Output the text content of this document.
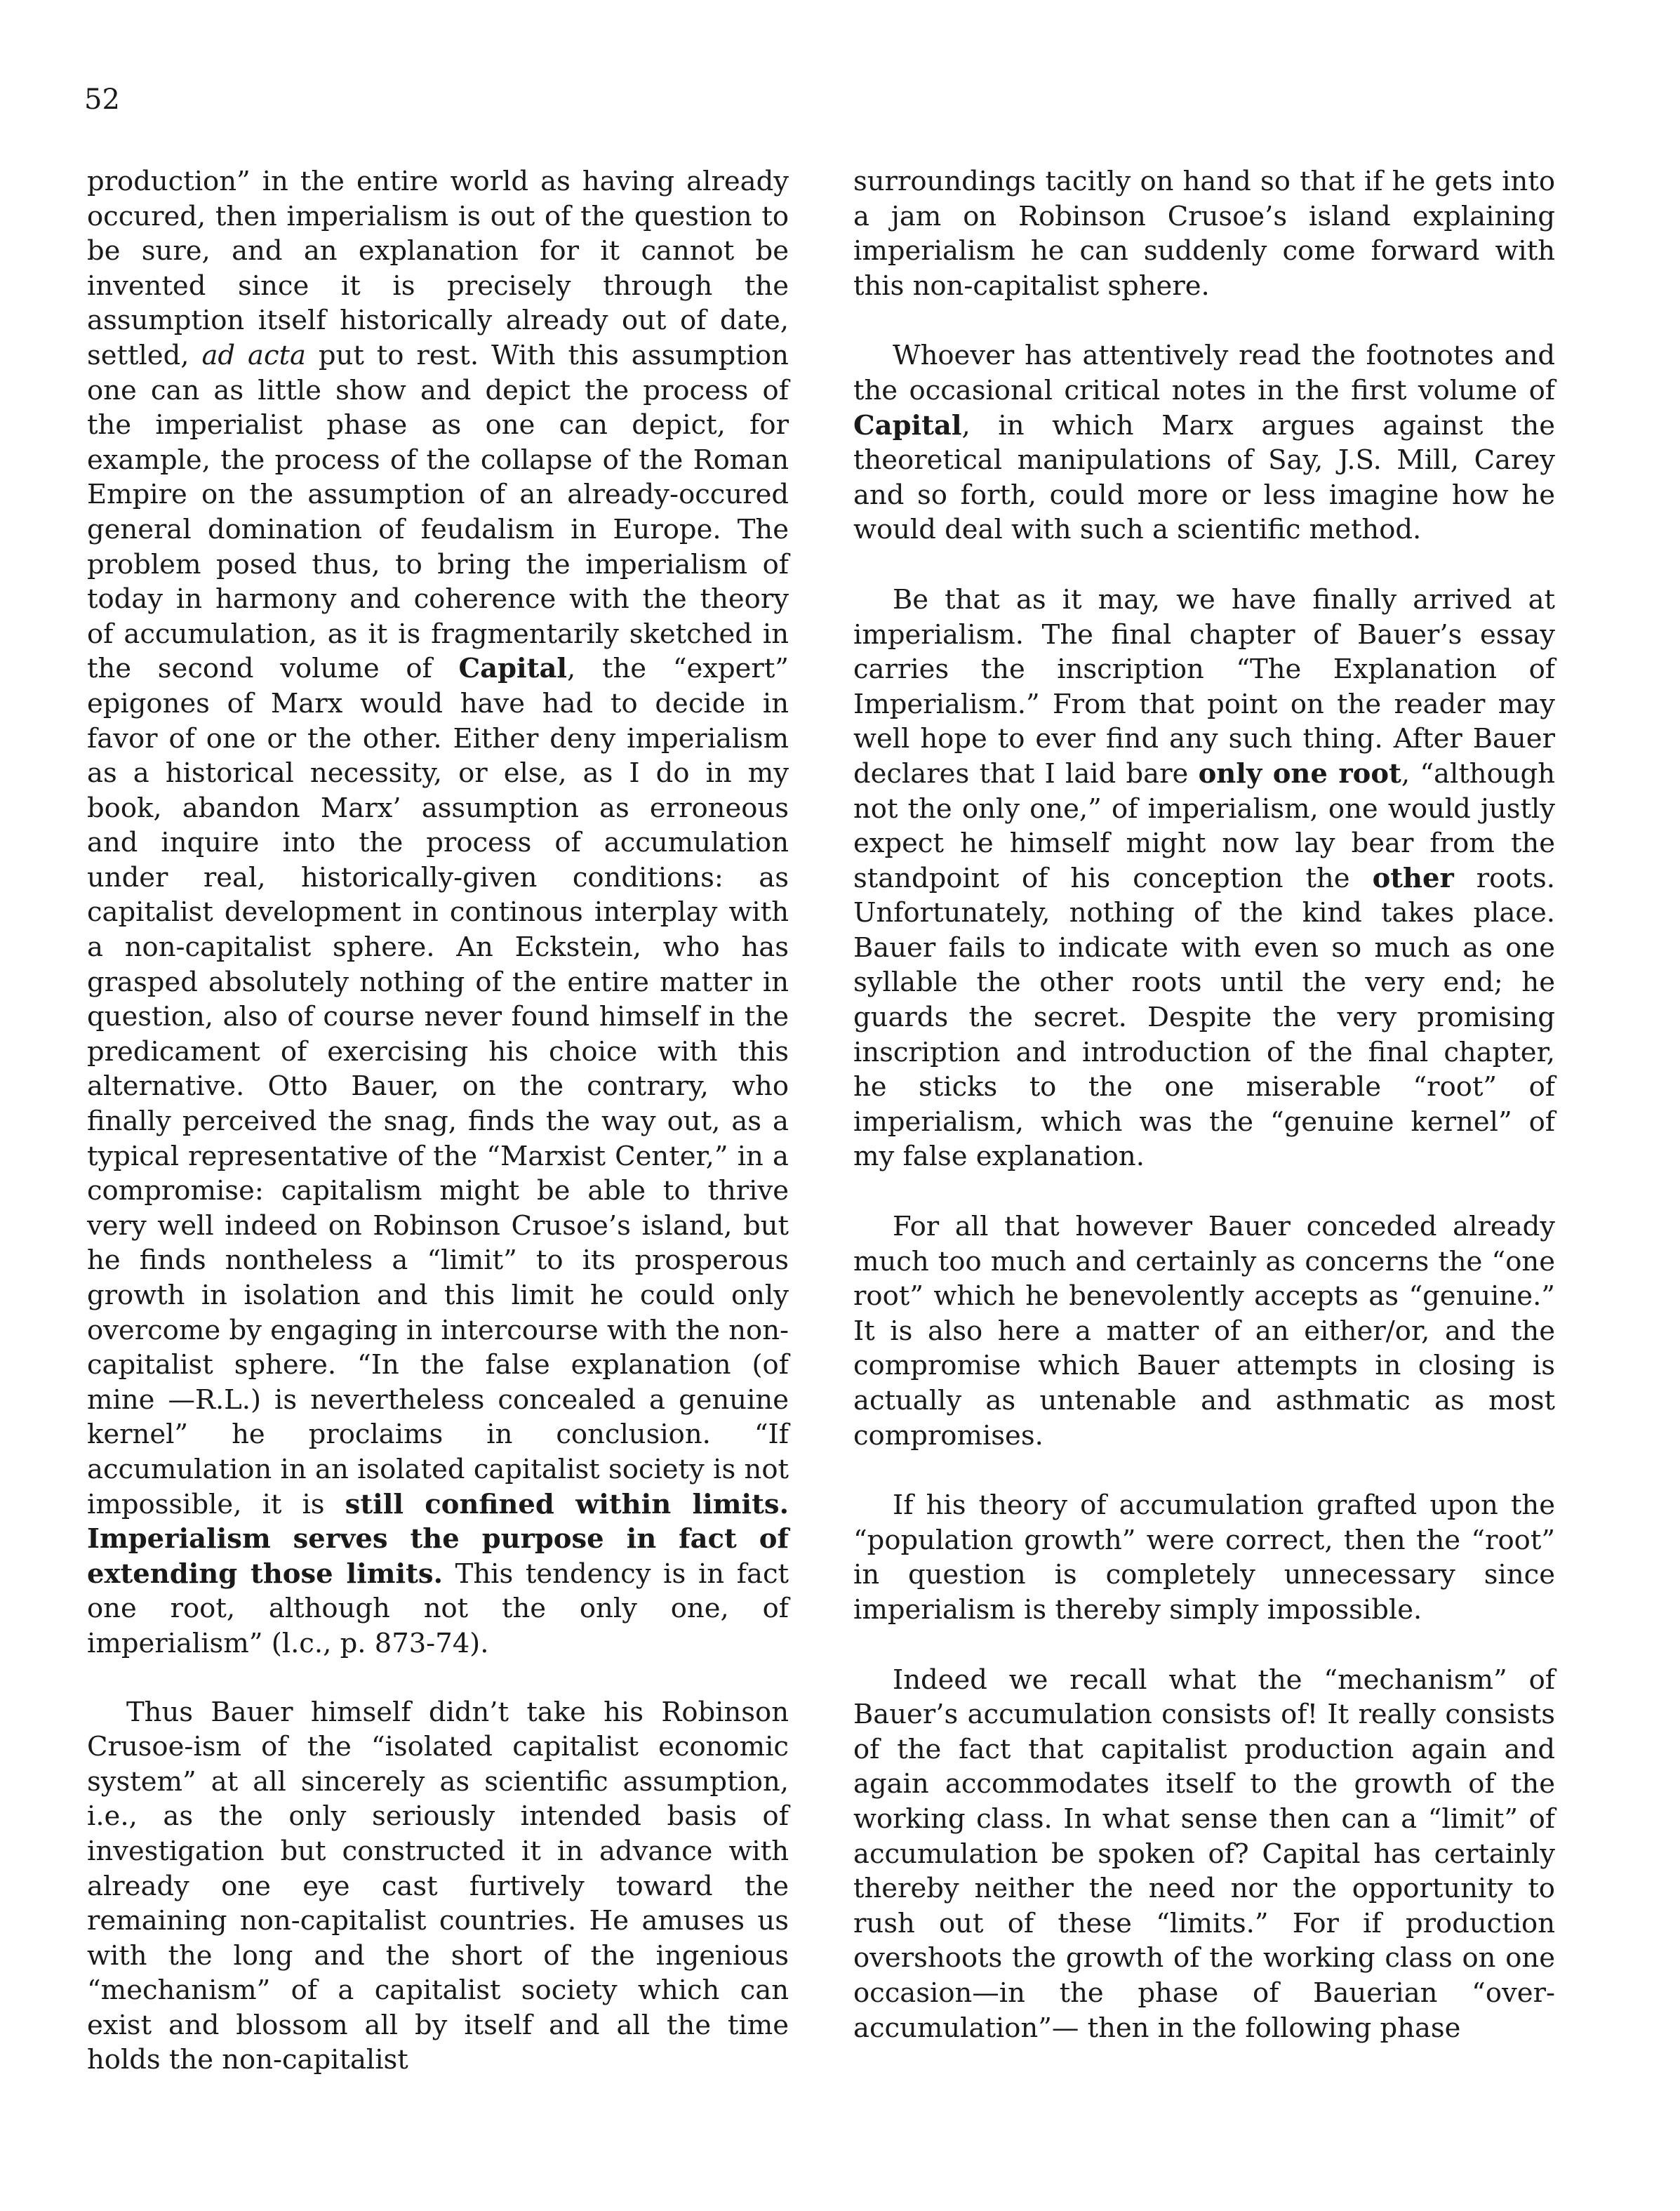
52

production” in the entire world as having already occured, then imperialism is out of the question to be sure, and an explanation for it cannot be invented since it is precisely through the assumption itself historically already out of date, settled, ad acta put to rest. With this assumption one can as little show and depict the process of the imperialist phase as one can depict, for example, the process of the collapse of the Roman Empire on the assumption of an already-occured general domination of feudalism in Europe. The problem posed thus, to bring the imperialism of today in harmony and coherence with the theory of accumulation, as it is fragmentarily sketched in the second volume of Capital, the “expert” epigones of Marx would have had to decide in favor of one or the other. Either deny imperialism as a historical necessity, or else, as I do in my book, abandon Marx’ assumption as erroneous and inquire into the process of accumulation under real, historically-given conditions: as capitalist development in continous interplay with a non-capitalist sphere. An Eckstein, who has grasped absolutely nothing of the entire matter in question, also of course never found himself in the predicament of exercising his choice with this alternative. Otto Bauer, on the contrary, who finally perceived the snag, finds the way out, as a typical representative of the “Marxist Center,” in a compromise: capitalism might be able to thrive very well indeed on Robinson Crusoe’s island, but he finds nontheless a “limit” to its prosperous growth in isolation and this limit he could only overcome by engaging in intercourse with the non-capitalist sphere. “In the false explanation (of mine —R.L.) is nevertheless concealed a genuine kernel” he proclaims in conclusion. “If accumulation in an isolated capitalist society is not impossible, it is still confined within limits. Imperialism serves the purpose in fact of extending those limits. This tendency is in fact one root, although not the only one, of imperialism” (l.c., p. 873-74).

Thus Bauer himself didn’t take his Robinson Crusoe-ism of the “isolated capitalist economic system” at all sincerely as scientific assumption, i.e., as the only seriously intended basis of investigation but constructed it in advance with already one eye cast furtively toward the remaining non-capitalist countries. He amuses us with the long and the short of the ingenious “mechanism” of a capitalist society which can exist and blossom all by itself and all the time holds the non-capitalist

surroundings tacitly on hand so that if he gets into a jam on Robinson Crusoe’s island explaining imperialism he can suddenly come forward with this non-capitalist sphere.

Whoever has attentively read the footnotes and the occasional critical notes in the first volume of Capital, in which Marx argues against the theoretical manipulations of Say, J.S. Mill, Carey and so forth, could more or less imagine how he would deal with such a scientific method.

Be that as it may, we have finally arrived at imperialism. The final chapter of Bauer’s essay carries the inscription “The Explanation of Imperialism.” From that point on the reader may well hope to ever find any such thing. After Bauer declares that I laid bare only one root, “although not the only one,” of imperialism, one would justly expect he himself might now lay bear from the standpoint of his conception the other roots. Unfortunately, nothing of the kind takes place. Bauer fails to indicate with even so much as one syllable the other roots until the very end; he guards the secret. Despite the very promising inscription and introduction of the final chapter, he sticks to the one miserable “root” of imperialism, which was the “genuine kernel” of my false explanation.

For all that however Bauer conceded already much too much and certainly as concerns the “one root” which he benevolently accepts as “genuine.” It is also here a matter of an either/or, and the compromise which Bauer attempts in closing is actually as untenable and asthmatic as most compromises.

If his theory of accumulation grafted upon the “population growth” were correct, then the “root” in question is completely unnecessary since imperialism is thereby simply impossible.

Indeed we recall what the “mechanism” of Bauer’s accumulation consists of! It really consists of the fact that capitalist production again and again accommodates itself to the growth of the working class. In what sense then can a “limit” of accumulation be spoken of? Capital has certainly thereby neither the need nor the opportunity to rush out of these “limits.” For if production overshoots the growth of the working class on one occasion—in the phase of Bauerian “over-accumulation”— then in the following phase
